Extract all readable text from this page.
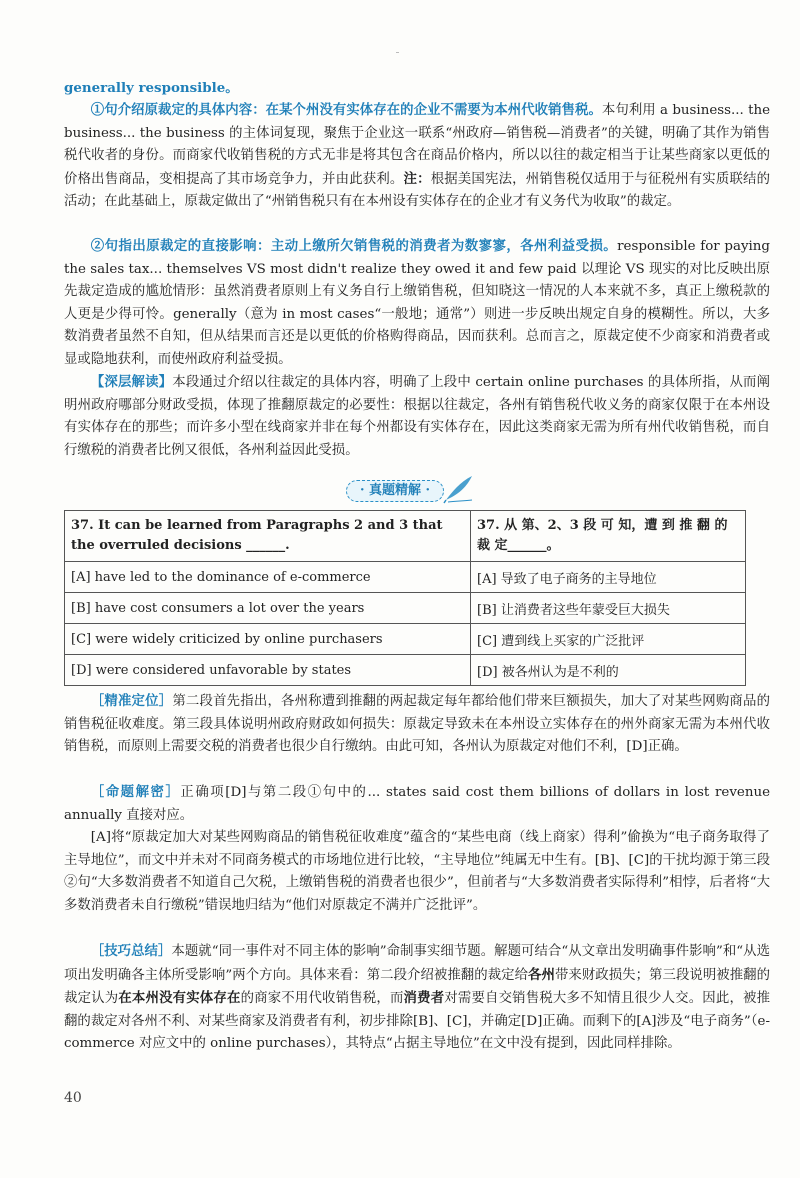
generally responsible。

①句介绍原裁定的具体内容：在某个州没有实体存在的企业不需要为本州代收销售税。本句利用 a business... the business... the business 的主体词复现，聚焦于企业这一联系“州政府—销售税—消费者”的关键，明确了其作为销售税代收者的身份。而商家代收销售税的方式无非是将其包含在商品价格内，所以以往的裁定相当于让某些商家以更低的价格出售商品，变相提高了其市场竞争力，并由此获利。注：根据美国宪法，州销售税仅适用于与征税州有实质联结的活动；在此基础上，原裁定做出了“州销售税只有在本州设有实体存在的企业才有义务代为收取”的裁定。

②句指出原裁定的直接影响：主动上缴所欠销售税的消费者为数寥寥，各州利益受损。responsible for paying the sales tax... themselves VS most didn't realize they owed it and few paid 以理论 VS 现实的对比反映出原先裁定造成的尴尬情形：虽然消费者原则上有义务自行上缴销售税，但知晓这一情况的人本来就不多，真正上缴税款的人更是少得可怜。generally（意为 in most cases“一般地；通常”）则进一步反映出规定自身的模糊性。所以，大多数消费者虽然不自知，但从结果而言还是以更低的价格购得商品，因而获利。总而言之，原裁定使不少商家和消费者或显或隐地获利，而使州政府利益受损。

【深层解读】本段通过介绍以往裁定的具体内容，明确了上段中 certain online purchases 的具体所指，从而阐明州政府哪部分财政受损，体现了推翻原裁定的必要性：根据以往裁定，各州有销售税代收义务的商家仅限于在本州设有实体存在的那些；而许多小型在线商家并非在每个州都设有实体存在，因此这类商家无需为所有州代收销售税，而自行缴税的消费者比例又很低，各州利益因此受损。

· 真题精解 ·
37. It can be learned from Paragraphs 2 and 3 that the overruled decisions ______.	37. 从 第、2、3 段 可 知，遭 到 推 翻 的 裁 定______。
[A] have led to the dominance of e-commerce	[A] 导致了电子商务的主导地位
[B] have cost consumers a lot over the years	[B] 让消费者这些年蒙受巨大损失
[C] were widely criticized by online purchasers	[C] 遭到线上买家的广泛批评
[D] were considered unfavorable by states	[D] 被各州认为是不利的

［精准定位］第二段首先指出，各州称遭到推翻的两起裁定每年都给他们带来巨额损失，加大了对某些网购商品的销售税征收难度。第三段具体说明州政府财政如何损失：原裁定导致未在本州设立实体存在的州外商家无需为本州代收销售税，而原则上需要交税的消费者也很少自行缴纳。由此可知，各州认为原裁定对他们不利，[D]正确。

［命题解密］正确项[D]与第二段①句中的... states said cost them billions of dollars in lost revenue annually 直接对应。

[A]将“原裁定加大对某些网购商品的销售税征收难度”蕴含的“某些电商（线上商家）得利”偷换为“电子商务取得了主导地位”，而文中并未对不同商务模式的市场地位进行比较，“主导地位”纯属无中生有。[B]、[C]的干扰均源于第三段②句“大多数消费者不知道自己欠税，上缴销售税的消费者也很少”，但前者与“大多数消费者实际得利”相悖，后者将“大多数消费者未自行缴税”错误地归结为“他们对原裁定不满并广泛批评”。

［技巧总结］本题就“同一事件对不同主体的影响”命制事实细节题。解题可结合“从文章出发明确事件影响”和“从选项出发明确各主体所受影响”两个方向。具体来看：第二段介绍被推翻的裁定给各州带来财政损失；第三段说明被推翻的裁定认为在本州没有实体存在的商家不用代收销售税，而消费者对需要自交销售税大多不知情且很少人交。因此，被推翻的裁定对各州不利、对某些商家及消费者有利，初步排除[B]、[C]，并确定[D]正确。而剩下的[A]涉及“电子商务”（e-commerce 对应文中的 online purchases），其特点“占据主导地位”在文中没有提到，因此同样排除。

40
